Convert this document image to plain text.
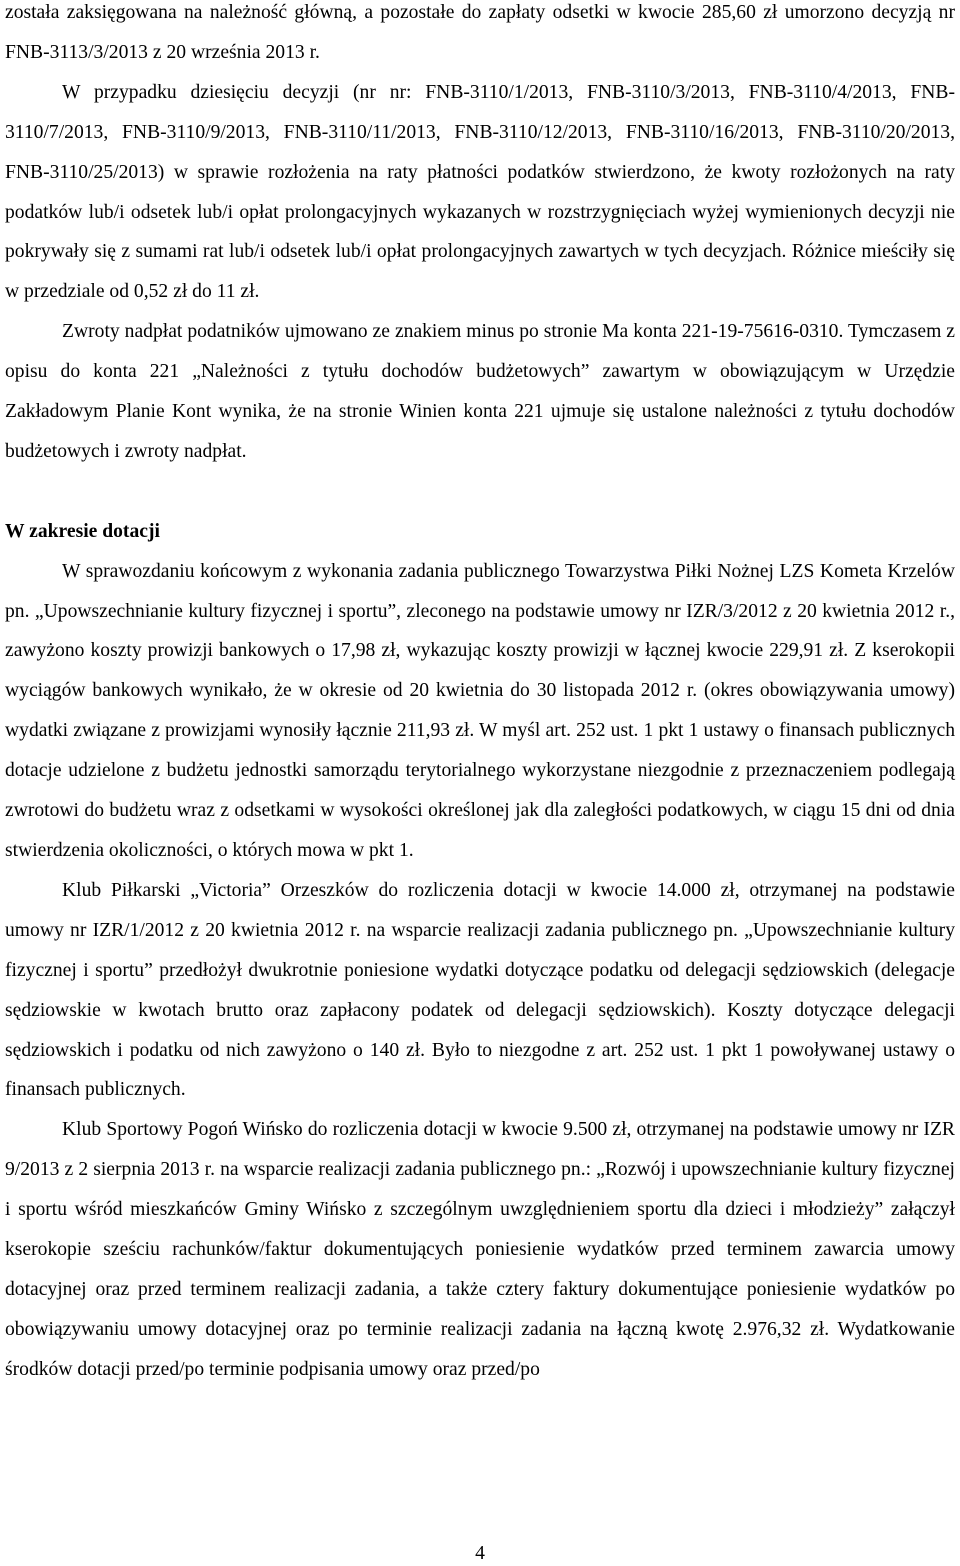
została zaksięgowana na należność główną, a pozostałe do zapłaty odsetki w kwocie 285,60 zł umorzono decyzją nr FNB-3113/3/2013 z 20 września 2013 r.

W przypadku dziesięciu decyzji (nr nr: FNB-3110/1/2013, FNB-3110/3/2013, FNB-3110/4/2013, FNB-3110/7/2013, FNB-3110/9/2013, FNB-3110/11/2013, FNB-3110/12/2013, FNB-3110/16/2013, FNB-3110/20/2013, FNB-3110/25/2013) w sprawie rozłożenia na raty płatności podatków stwierdzono, że kwoty rozłożonych na raty podatków lub/i odsetek lub/i opłat prolongacyjnych wykazanych w rozstrzygnięciach wyżej wymienionych decyzji nie pokrywały się z sumami rat lub/i odsetek lub/i opłat prolongacyjnych zawartych w tych decyzjach. Różnice mieściły się w przedziale od 0,52 zł do 11 zł.

Zwroty nadpłat podatników ujmowano ze znakiem minus po stronie Ma konta 221-19-75616-0310. Tymczasem z opisu do konta 221 „Należności z tytułu dochodów budżetowych” zawartym w obowiązującym w Urzędzie Zakładowym Planie Kont wynika, że na stronie Winien konta 221 ujmuje się ustalone należności z tytułu dochodów budżetowych i zwroty nadpłat.

W zakresie dotacji

W sprawozdaniu końcowym z wykonania zadania publicznego Towarzystwa Piłki Nożnej LZS Kometa Krzelów pn. „Upowszechnianie kultury fizycznej i sportu”, zleconego na podstawie umowy nr IZR/3/2012 z 20 kwietnia 2012 r., zawyżono koszty prowizji bankowych o 17,98 zł, wykazując koszty prowizji w łącznej kwocie 229,91 zł. Z kserokopii wyciągów bankowych wynikało, że w okresie od 20 kwietnia do 30 listopada 2012 r. (okres obowiązywania umowy) wydatki związane z prowizjami wynosiły łącznie 211,93 zł. W myśl art. 252 ust. 1 pkt 1 ustawy o finansach publicznych dotacje udzielone z budżetu jednostki samorządu terytorialnego wykorzystane niezgodnie z przeznaczeniem podlegają zwrotowi do budżetu wraz z odsetkami w wysokości określonej jak dla zaległości podatkowych, w ciągu 15 dni od dnia stwierdzenia okoliczności, o których mowa w pkt 1.

Klub Piłkarski „Victoria” Orzeszków do rozliczenia dotacji w kwocie 14.000 zł, otrzymanej na podstawie umowy nr IZR/1/2012 z 20 kwietnia 2012 r. na wsparcie realizacji zadania publicznego pn. „Upowszechnianie kultury fizycznej i sportu” przedłożył dwukrotnie poniesione wydatki dotyczące podatku od delegacji sędziowskich (delegacje sędziowskie w kwotach brutto oraz zapłacony podatek od delegacji sędziowskich). Koszty dotyczące delegacji sędziowskich i podatku od nich zawyżono o 140 zł. Było to niezgodne z art. 252 ust. 1 pkt 1 powoływanej ustawy o finansach publicznych.

Klub Sportowy Pogoń Wińsko do rozliczenia dotacji w kwocie 9.500 zł, otrzymanej na podstawie umowy nr IZR 9/2013 z 2 sierpnia 2013 r. na wsparcie realizacji zadania publicznego pn.: „Rozwój i upowszechnianie kultury fizycznej i sportu wśród mieszkańców Gminy Wińsko z szczególnym uwzględnieniem sportu dla dzieci i młodzieży” załączył kserokopie sześciu rachunków/faktur dokumentujących poniesienie wydatków przed terminem zawarcia umowy dotacyjnej oraz przed terminem realizacji zadania, a także cztery faktury dokumentujące poniesienie wydatków po obowiązywaniu umowy dotacyjnej oraz po terminie realizacji zadania na łączną kwotę 2.976,32 zł. Wydatkowanie środków dotacji przed/po terminie podpisania umowy oraz przed/po

4
